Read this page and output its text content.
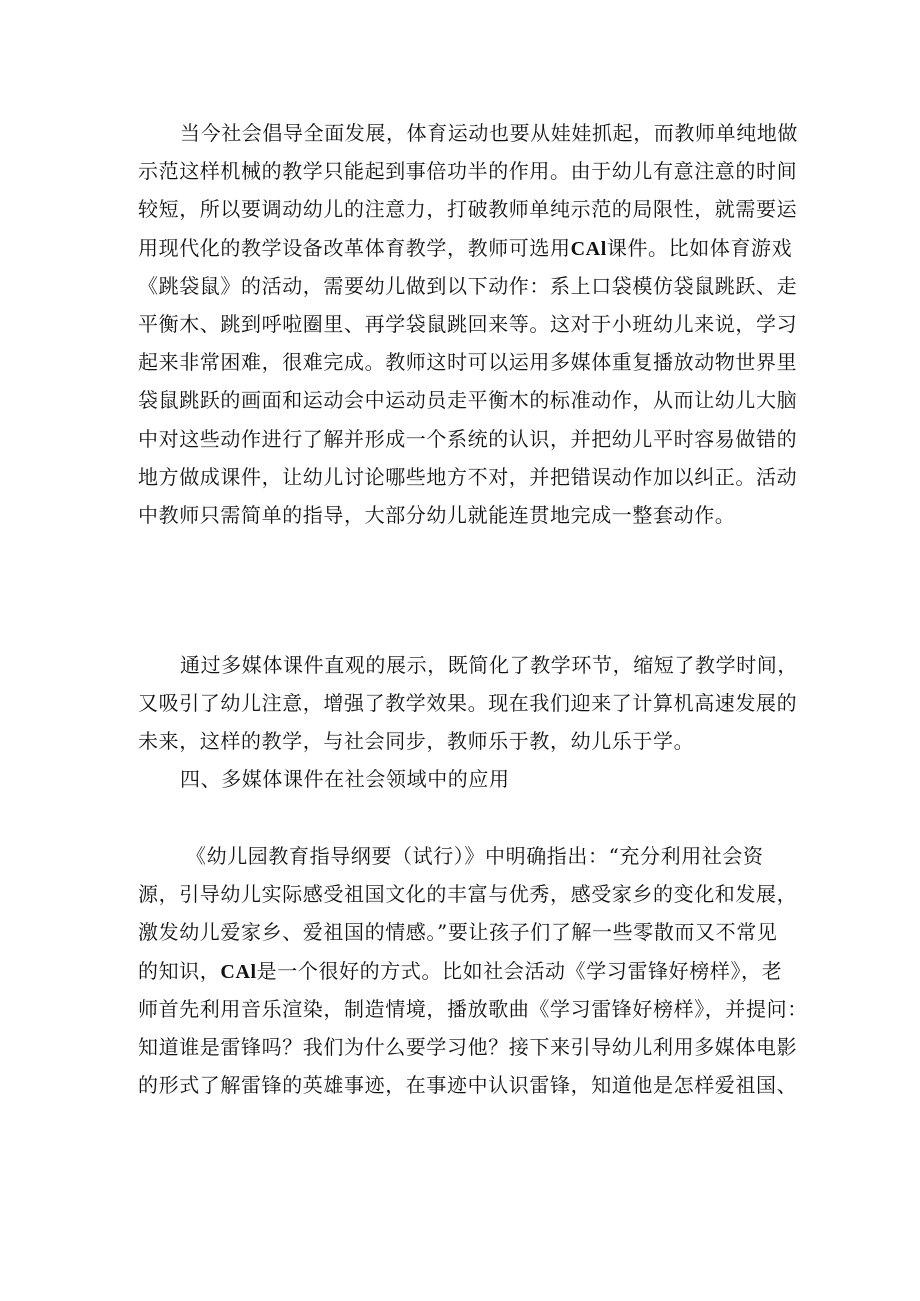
当今社会倡导全面发展，体育运动也要从娃娃抓起，而教师单纯地做
示范这样机械的教学只能起到事倍功半的作用。由于幼儿有意注意的时间
较短，所以要调动幼儿的注意力，打破教师单纯示范的局限性，就需要运
用现代化的教学设备改革体育教学，教师可选用CAl课件。比如体育游戏
《跳袋鼠》的活动，需要幼儿做到以下动作：系上口袋模仿袋鼠跳跃、走
平衡木、跳到呼啦圈里、再学袋鼠跳回来等。这对于小班幼儿来说，学习
起来非常困难，很难完成。教师这时可以运用多媒体重复播放动物世界里
袋鼠跳跃的画面和运动会中运动员走平衡木的标准动作，从而让幼儿大脑
中对这些动作进行了解并形成一个系统的认识，并把幼儿平时容易做错的
地方做成课件，让幼儿讨论哪些地方不对，并把错误动作加以纠正。活动
中教师只需简单的指导，大部分幼儿就能连贯地完成一整套动作。
通过多媒体课件直观的展示，既简化了教学环节，缩短了教学时间，
又吸引了幼儿注意，增强了教学效果。现在我们迎来了计算机高速发展的
未来，这样的教学，与社会同步，教师乐于教，幼儿乐于学。
四、多媒体课件在社会领域中的应用
《幼儿园教育指导纲要（试行）》中明确指出：“充分利用社会资
源，引导幼儿实际感受祖国文化的丰富与优秀，感受家乡的变化和发展，
激发幼儿爱家乡、爱祖国的情感。”要让孩子们了解一些零散而又不常见
的知识，CAl是一个很好的方式。比如社会活动《学习雷锋好榜样》，老
师首先利用音乐渲染，制造情境，播放歌曲《学习雷锋好榜样》，并提问：
知道谁是雷锋吗？我们为什么要学习他？接下来引导幼儿利用多媒体电影
的形式了解雷锋的英雄事迹，在事迹中认识雷锋，知道他是怎样爱祖国、
